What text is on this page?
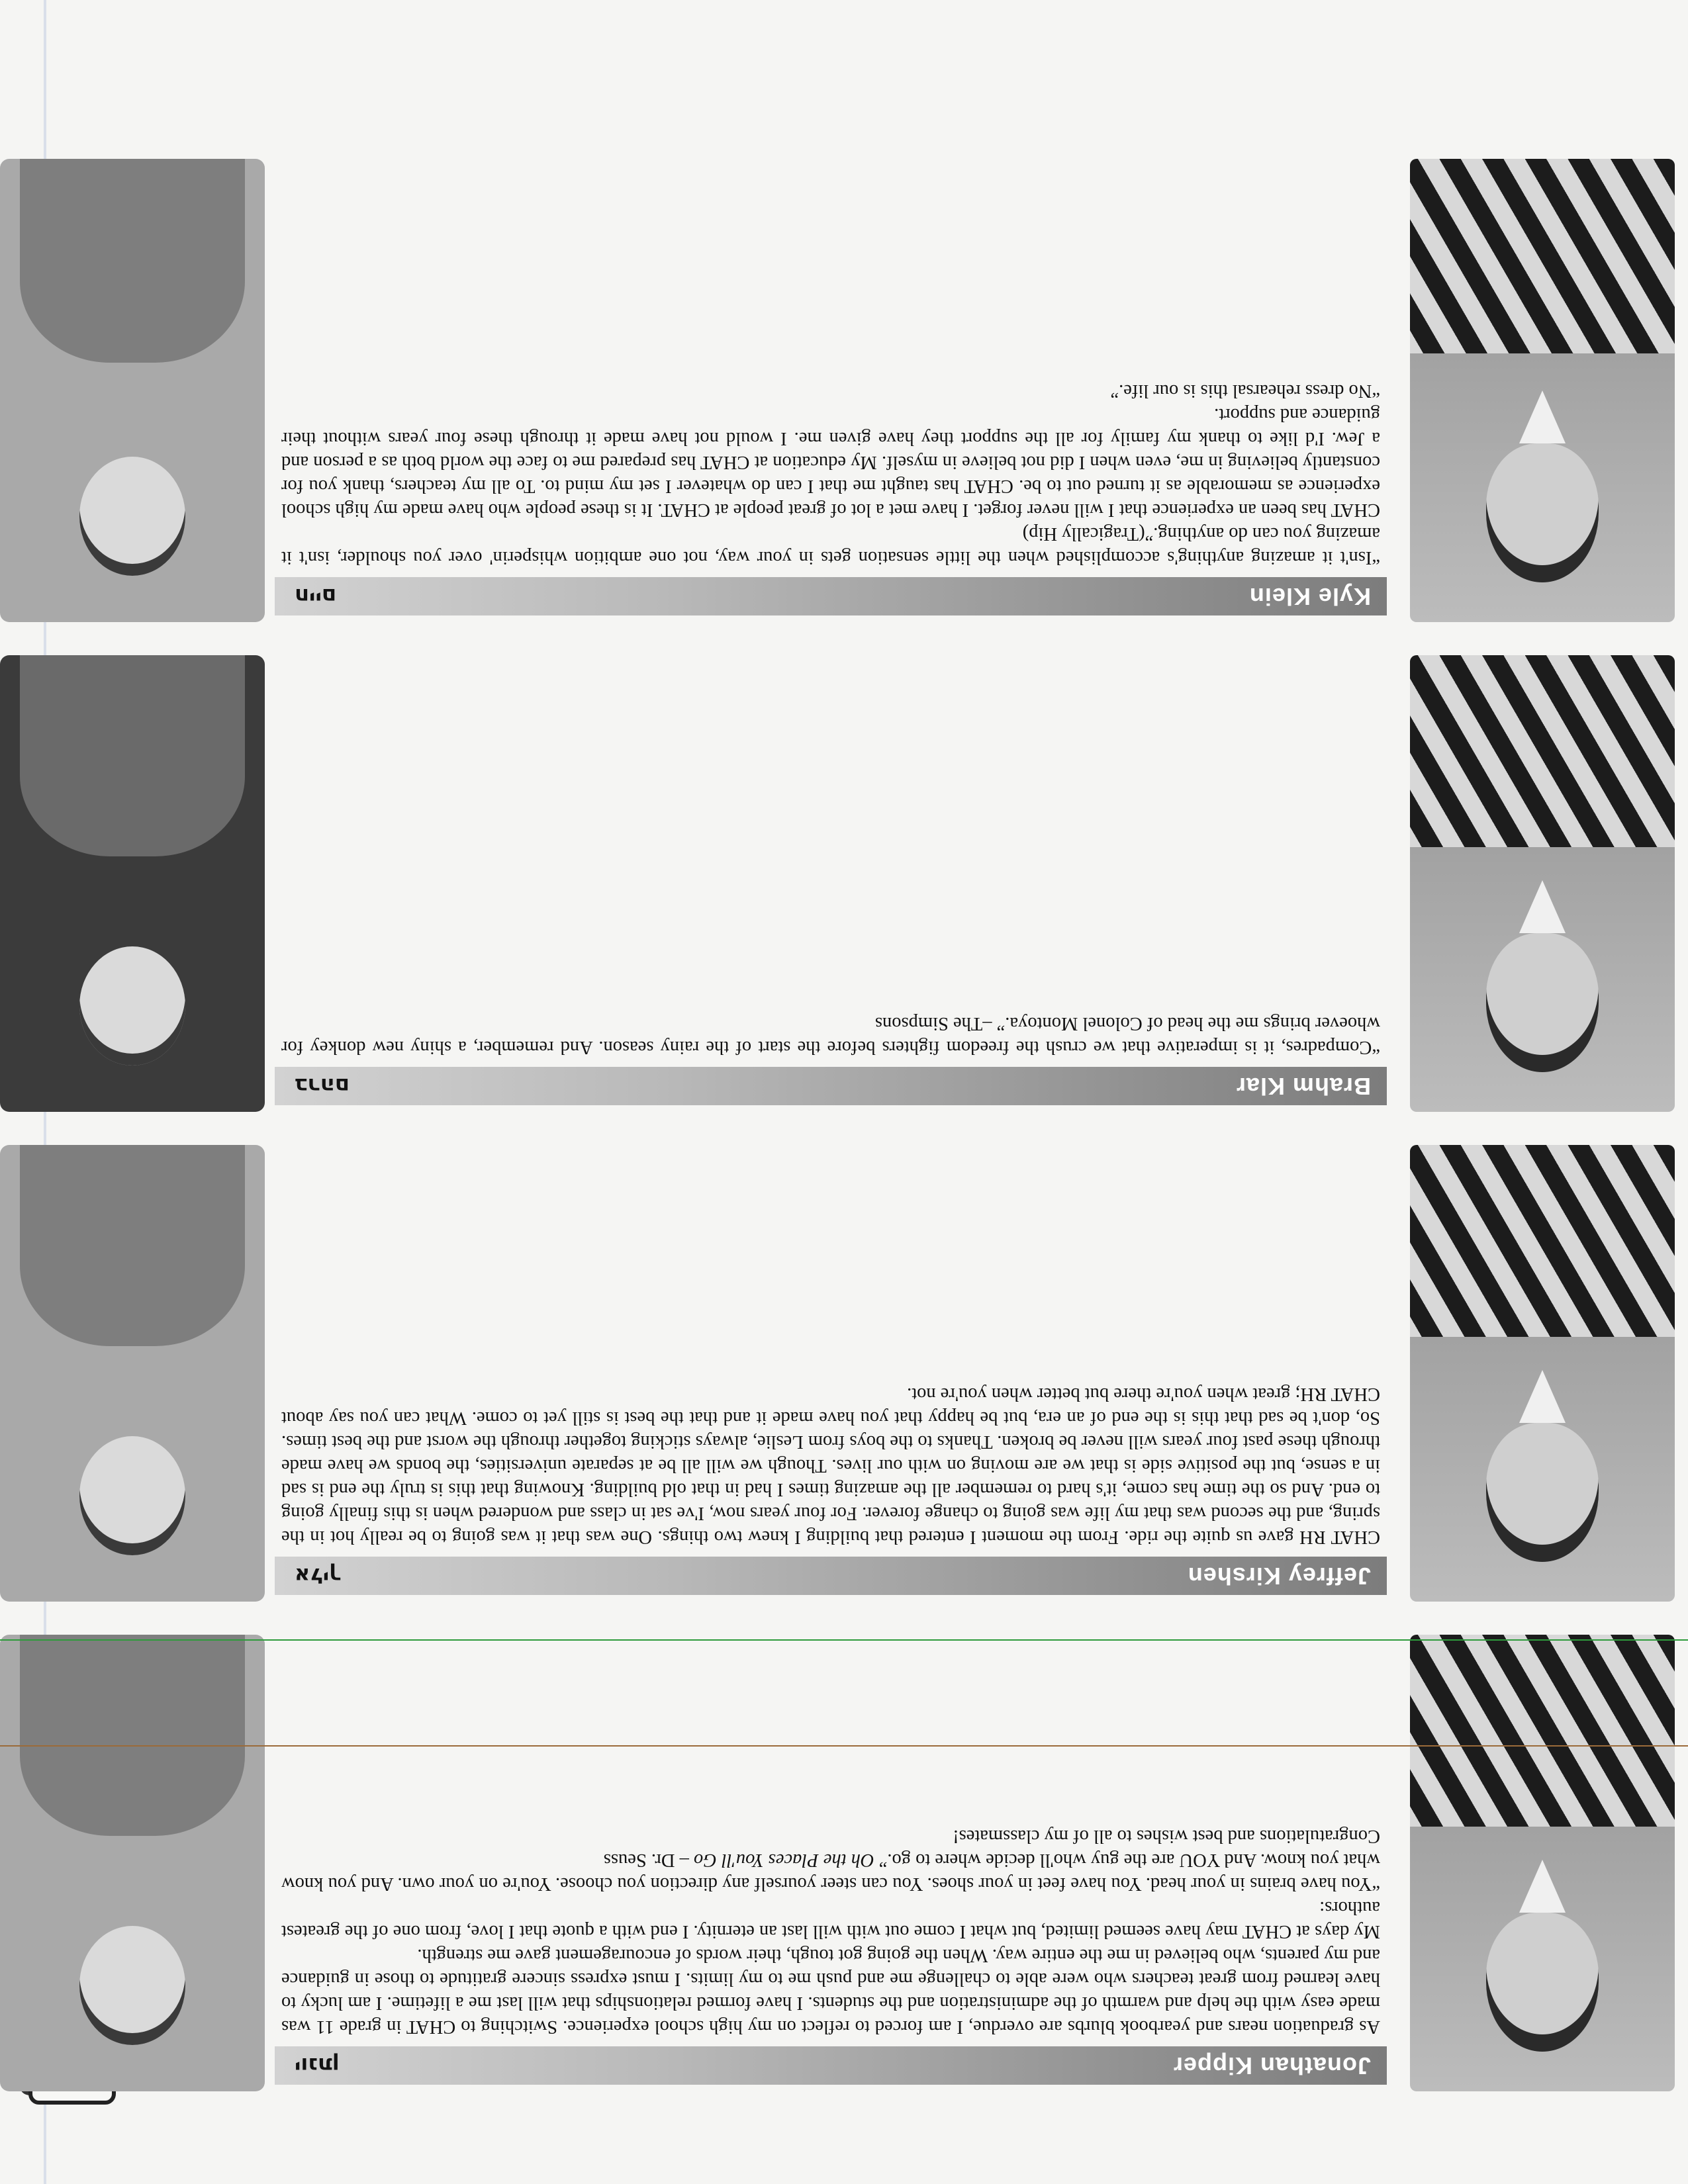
Jonathan Kipper
יונתן

As graduation nears and yearbook blurbs are overdue, I am forced to reflect on my high school experience. Switching to CHAT in grade 11 was made easy with the help and warmth of the administration and the students. I have formed relationships that will last me a lifetime. I am lucky to have learned from great teachers who were able to challenge me and push me to my limits. I must express sincere gratitude to those in guidance and my parents, who believed in me the entire way. When the going got tough, their words of encouragement gave me strength.

My days at CHAT may have seemed limited, but what I come out with will last an eternity. I end with a quote that I love, from one of the greatest authors:

“You have brains in your head. You have feet in your shoes. You can steer yourself any direction you choose. You're on your own. And you know what you know. And YOU are the guy who'll decide where to go.” Oh the Places You'll Go – Dr. Seuss

Congratulations and best wishes to all of my classmates!

Jeffrey Kirshen
אליך

CHAT RH gave us quite the ride. From the moment I entered that building I knew two things. One was that it was going to be really hot in the spring, and the second was that my life was going to change forever. For four years now, I've sat in class and wondered when is this finally going to end. And so the time has come, it's hard to remember all the amazing times I had in that old building. Knowing that this is truly the end is sad in a sense, but the positive side is that we are moving on with our lives. Though we will all be at separate universities, the bonds we have made through these past four years will never be broken. Thanks to the boys from Leslie, always sticking together through the worst and the best times. So, don't be sad that this is the end of an era, but be happy that you have made it and that the best is still yet to come. What can you say about CHAT RH; great when you're there but better when you're not.

Brahm Klar
ברהם

“Compadres, it is imperative that we crush the freedom fighters before the start of the rainy season. And remember, a shiny new donkey for whoever brings me the head of Colonel Montoya.” –The Simpsons

Kyle Klein
חיים

“Isn't it amazing anything's accomplished when the little sensation gets in your way, not one ambition whisperin' over you shoulder, isn't it amazing you can do anything.”(Tragically Hip)

CHAT has been an experience that I will never forget. I have met a lot of great people at CHAT. It is these people who have made my high school experience as memorable as it turned out to be. CHAT has taught me that I can do whatever I set my mind to. To all my teachers, thank you for constantly believing in me, even when I did not believe in myself. My education at CHAT has prepared me to face the world both as a person and a Jew. I'd like to thank my family for all the support they have given me. I would not have made it through these four years without their guidance and support.

“No dress rehearsal this is our life.”
